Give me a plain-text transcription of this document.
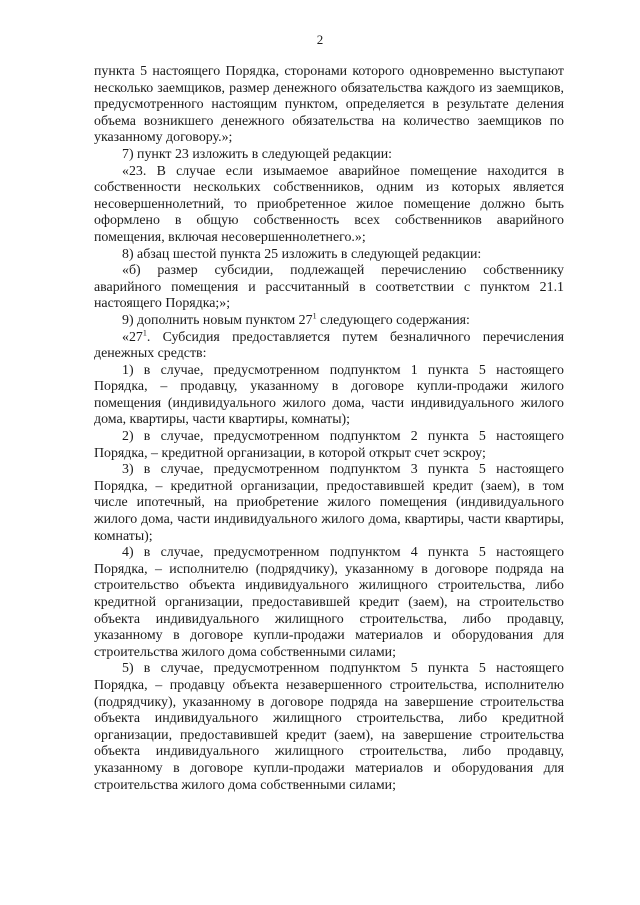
2

пункта 5 настоящего Порядка, сторонами которого одновременно выступают несколько заемщиков, размер денежного обязательства каждого из заемщиков, предусмотренного настоящим пунктом, определяется в результате деления объема возникшего денежного обязательства на количество заемщиков по указанному договору.»;

7) пункт 23 изложить в следующей редакции:

«23. В случае если изымаемое аварийное помещение находится в собственности нескольких собственников, одним из которых является несовершеннолетний, то приобретенное жилое помещение должно быть оформлено в общую собственность всех собственников аварийного помещения, включая несовершеннолетнего.»;

8) абзац шестой пункта 25 изложить в следующей редакции:

«б) размер субсидии, подлежащей перечислению собственнику аварийного помещения и рассчитанный в соответствии с пунктом 21.1 настоящего Порядка;»;

9) дополнить новым пунктом $27^1$ следующего содержания:

«$27^1$. Субсидия предоставляется путем безналичного перечисления денежных средств:

1) в случае, предусмотренном подпунктом 1 пункта 5 настоящего Порядка, – продавцу, указанному в договоре купли-продажи жилого помещения (индивидуального жилого дома, части индивидуального жилого дома, квартиры, части квартиры, комнаты);

2) в случае, предусмотренном подпунктом 2 пункта 5 настоящего Порядка, – кредитной организации, в которой открыт счет эскроу;

3) в случае, предусмотренном подпунктом 3 пункта 5 настоящего Порядка, – кредитной организации, предоставившей кредит (заем), в том числе ипотечный, на приобретение жилого помещения (индивидуального жилого дома, части индивидуального жилого дома, квартиры, части квартиры, комнаты);

4) в случае, предусмотренном подпунктом 4 пункта 5 настоящего Порядка, – исполнителю (подрядчику), указанному в договоре подряда на строительство объекта индивидуального жилищного строительства, либо кредитной организации, предоставившей кредит (заем), на строительство объекта индивидуального жилищного строительства, либо продавцу, указанному в договоре купли-продажи материалов и оборудования для строительства жилого дома собственными силами;

5) в случае, предусмотренном подпунктом 5 пункта 5 настоящего Порядка, – продавцу объекта незавершенного строительства, исполнителю (подрядчику), указанному в договоре подряда на завершение строительства объекта индивидуального жилищного строительства, либо кредитной организации, предоставившей кредит (заем), на завершение строительства объекта индивидуального жилищного строительства, либо продавцу, указанному в договоре купли-продажи материалов и оборудования для строительства жилого дома собственными силами;
